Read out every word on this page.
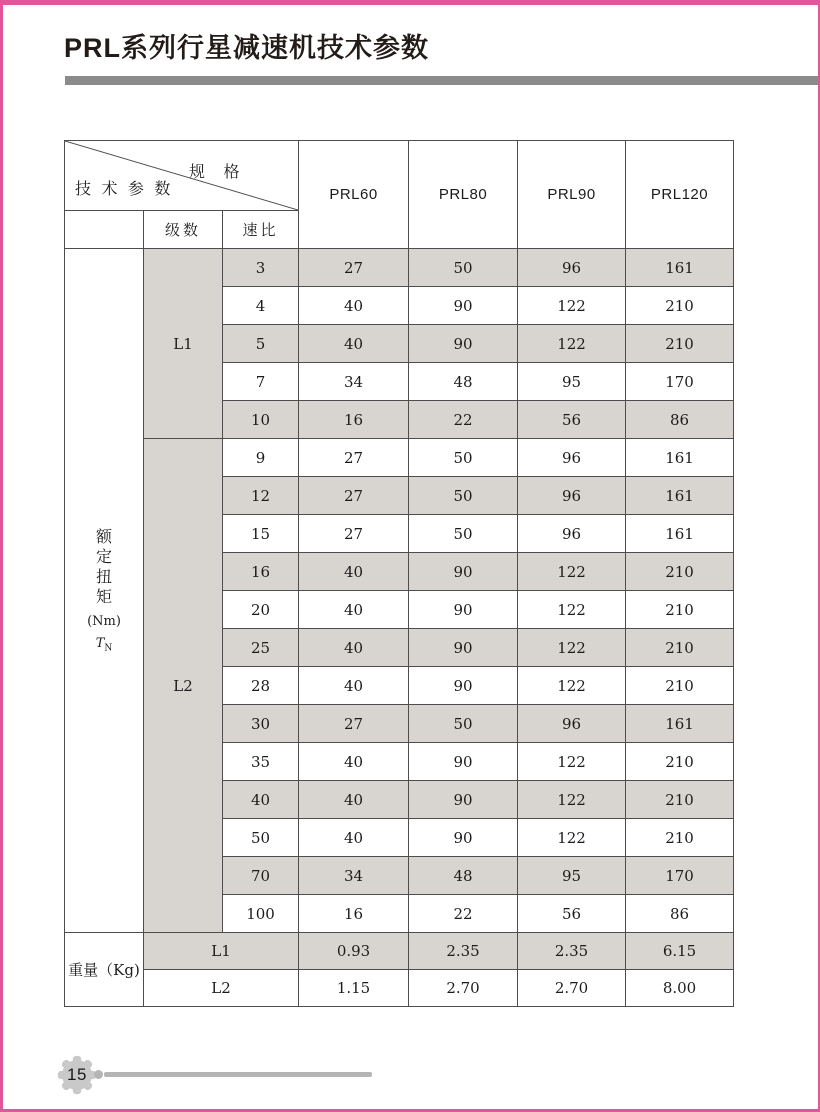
PRL系列行星减速机技术参数
规 格
技 术 参 数			PRL60	PRL80	PRL90	PRL120
	级数	速比				

额定扭矩
(Nm)
$T_N$	L1	3	27	50	96	161
		4	40	90	122	210
		5	40	90	122	210
		7	34	48	95	170
		10	16	22	56	86
	L2	9	27	50	96	161
		12	27	50	96	161
		15	27	50	96	161
		16	40	90	122	210
		20	40	90	122	210
		25	40	90	122	210
		28	40	90	122	210
		30	27	50	96	161
		35	40	90	122	210
		40	40	90	122	210
		50	40	90	122	210
		70	34	48	95	170
		100	16	22	56	86
重量（Kg)	L1		0.93	2.35	2.35	6.15
	L2		1.15	2.70	2.70	8.00
15
